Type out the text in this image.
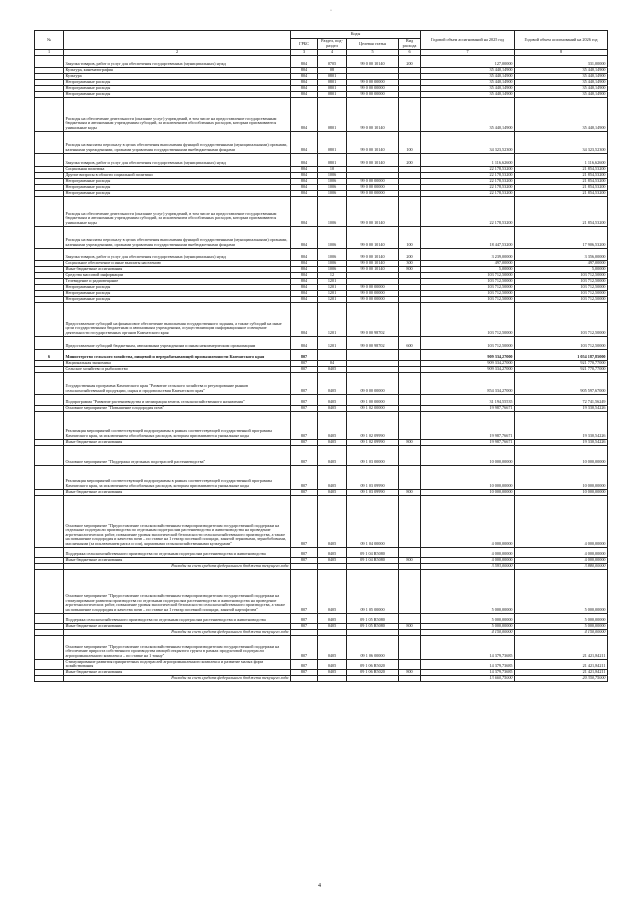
·
№		Коды				Годовой объем ассигнований на 2025 год	Годовой объем ассигнований на 2026 год
		ГРБС	Раздел, под-раздел	Целевая статья	Вид расхода		
1	2	3	4	5	6	7	8
	Закупка товаров, работ и услуг для обеспечения государственных (муниципальных) нужд	804	0705	99 0 00 10140	200	127,00000	331,00000
	Культура, кинематография	804	08			35 440,14900	35 440,14900
	Культура	804	0801			35 440,14900	35 440,14900
	Непрограммные расходы	804	0801	99 0 00 00000		35 440,14900	35 440,14900
	Непрограммные расходы	804	0801	99 0 00 00000		35 440,14900	35 440,14900
	Непрограммные расходы	804	0801	99 0 00 00000		35 440,14900	35 440,14900
	Расходы на обеспечение деятельности (оказание услуг) учреждений, в том числе на предоставление государственным бюджетным и автономным учреждениям субсидий, за исключением обособленных расходов, которым присваиваются уникальные коды	804	0801	99 0 00 10140		35 440,14900	35 440,14900
	Расходы на выплаты персоналу в целях обеспечения выполнения функций государственными (муниципальными) органами, казенными учреждениями, органами управления государственными внебюджетными фондами	804	0801	99 0 00 10140	100	34 323,52300	34 323,52300
	Закупка товаров, работ и услуг для обеспечения государственных (муниципальных) нужд	804	0801	99 0 00 10140	200	1 116,62600	1 116,62600
	Социальная политика	804	10			22 178,53200	21 854,53200
	Другие вопросы в области социальной политики	804	1006			22 178,53200	21 854,53200
	Непрограммные расходы	804	1006	99 0 00 00000		22 178,53200	21 854,53200
	Непрограммные расходы	804	1006	99 0 00 00000		22 178,53200	21 854,53200
	Непрограммные расходы	804	1006	99 0 00 00000		22 178,53200	21 854,53200
	Расходы на обеспечение деятельности (оказание услуг) учреждений, в том числе на предоставление государственным бюджетным и автономным учреждениям субсидий, за исключением обособленных расходов, которым присваиваются уникальные коды	804	1006	99 0 00 10140		22 178,53200	21 854,53200
	Расходы на выплаты персоналу в целях обеспечения выполнения функций государственными (муниципальными) органами, казенными учреждениями, органами управления государственными внебюджетными фондами	804	1006	99 0 00 10140	100	18 447,53200	17 906,53200
	Закупка товаров, работ и услуг для обеспечения государственных (муниципальных) нужд	804	1006	99 0 00 10140	200	3 239,00000	3 356,00000
	Социальное обеспечение и иные выплаты населению	804	1006	99 0 00 10140	300	497,00000	497,00000
	Иные бюджетные ассигнования	804	1006	99 0 00 10140	800	5,00000	5,00000
	Средства массовой информации	804	12			103 712,50000	103 712,50000
	Телевидение и радиовещание	804	1201			103 712,50000	103 712,50000
	Непрограммные расходы	804	1201	99 0 00 00000		103 712,50000	103 712,50000
	Непрограммные расходы	804	1201	99 0 00 00000		103 712,50000	103 712,50000
	Непрограммные расходы	804	1201	99 0 00 00000		103 712,50000	103 712,50000
	Предоставление субсидий на финансовое обеспечение выполнения государственного задания, а также субсидий на иные цели государственным бюджетным и автономным учреждениям, осуществляющим информационное освещение деятельности государственных органов Камчатского края	804	1201	99 0 00 98702		103 712,50000	103 712,50000
	Предоставление субсидий бюджетным, автономным учреждениям и иным некоммерческим организациям	804	1201	99 0 00 98702	600	103 712,50000	103 712,50000
6	Министерство сельского хозяйства, пищевой и перерабатывающей промышленности Камчатского края	807				909 334,27000	1 054 187,85000
	Национальная экономика	807	04			909 334,27000	921 770,77000
	Сельское хозяйство и рыболовство	807	0405			909 334,27000	921 770,77000
	Государственная программа Камчатского края "Развитие сельского хозяйства и регулирование рынков сельскохозяйственной продукции, сырья и продовольствия Камчатского края"	807	0405	09 0 00 00000		854 334,27000	905 597,67000
	Подпрограмма "Развитие растениеводства и мелиорация земель сельскохозяйственного назначения"	807	0405	09 1 00 00000		31 194,55535	72 741,56249
	Основное мероприятие "Повышение плодородия почв"	807	0405	09 1 02 00000		19 987,76671	19 330,54226
	Реализация мероприятий соответствующей подпрограммы в рамках соответствующей государственной программы Камчатского края, за исключением обособленных расходов, которым присваиваются уникальные коды	807	0405	09 1 02 09990		19 987,76671	19 330,54226
	Иные бюджетные ассигнования	807	0405	09 1 02 09990	800	19 987,76671	19 330,54226
	Основное мероприятие "Поддержка отдельных подотраслей растениеводства"	807	0405	09 1 03 00000		10 000,00000	10 000,00000
	Реализация мероприятий соответствующей подпрограммы в рамках соответствующей государственной программы Камчатского края, за исключением обособленных расходов, которым присваиваются уникальные коды	807	0405	09 1 03 09990		10 000,00000	10 000,00000
	Иные бюджетные ассигнования	807	0405	09 1 03 09990	800	10 000,00000	10 000,00000
	Основное мероприятие "Предоставление сельскохозяйственным товаропроизводителям государственной поддержки на отдельные подотрасли производства по отдельным подотраслям растениеводства и животноводства на проведение агротехнологических работ, повышение уровня экологической безопасности сельскохозяйственного производства, а также на повышение плодородия и качества почв – по ставке на 1 гектар посевной площади, занятой зерновыми, зернобобовыми, масличными (за исключением рапса и сои), кормовыми сельскохозяйственными культурами"	807	0405	09 1 04 00000		4 000,00000	4 000,00000
	Поддержка сельскохозяйственного производства по отдельным подотраслям растениеводства и животноводства	807	0405	09 1 04 R5080		4 000,00000	4 000,00000
	Иные бюджетные ассигнования	807	0405	09 1 04 R5080	800	4 000,00000	4 000,00000
	Расходы за счет средств федерального бюджета текущего года					3 593,00000	3 880,00000
	Основное мероприятие "Предоставление сельскохозяйственным товаропроизводителям государственной поддержки на стимулирование развития производства по отдельным подотраслям растениеводства и животноводства на проведение агротехнологических работ, повышение уровня экологической безопасности сельскохозяйственного производства, а также на повышение плодородия и качества почв – по ставке на 1 гектар посевной площади, занятой картофелем"	807	0405	09 1 05 00000		5 000,00000	5 000,00000
	Поддержка сельскохозяйственного производства по отдельным подотраслям растениеводства и животноводства	807	0405	09 1 05 R5080		5 000,00000	5 000,00000
	Иные бюджетные ассигнования	807	0405	09 1 05 R5080	800	5 000,00000	5 000,00000
	Расходы за счет средств федерального бюджета текущего года					4 150,00000	4 150,00000
	Основное мероприятие "Предоставление сельскохозяйственным товаропроизводителям государственной поддержки на обеспечение прироста собственного производства овощей открытого грунта в рамках продуктовой подотрасли агропромышленного комплекса – по ставке на 1 тонну"	807	0405	09 1 06 00000		14 379,73685	21 421,84211
	Стимулирование развития приоритетных подотраслей агропромышленного комплекса и развитие малых форм хозяйствования	807	0405	09 1 06 R5020		14 379,73685	21 421,84211
	Иные бюджетные ассигнования	807	0405	09 1 06 R5020	800	14 379,73685	21 421,84211
	Расходы за счет средств федерального бюджета текущего года					13 660,75000	20 350,75000
4
